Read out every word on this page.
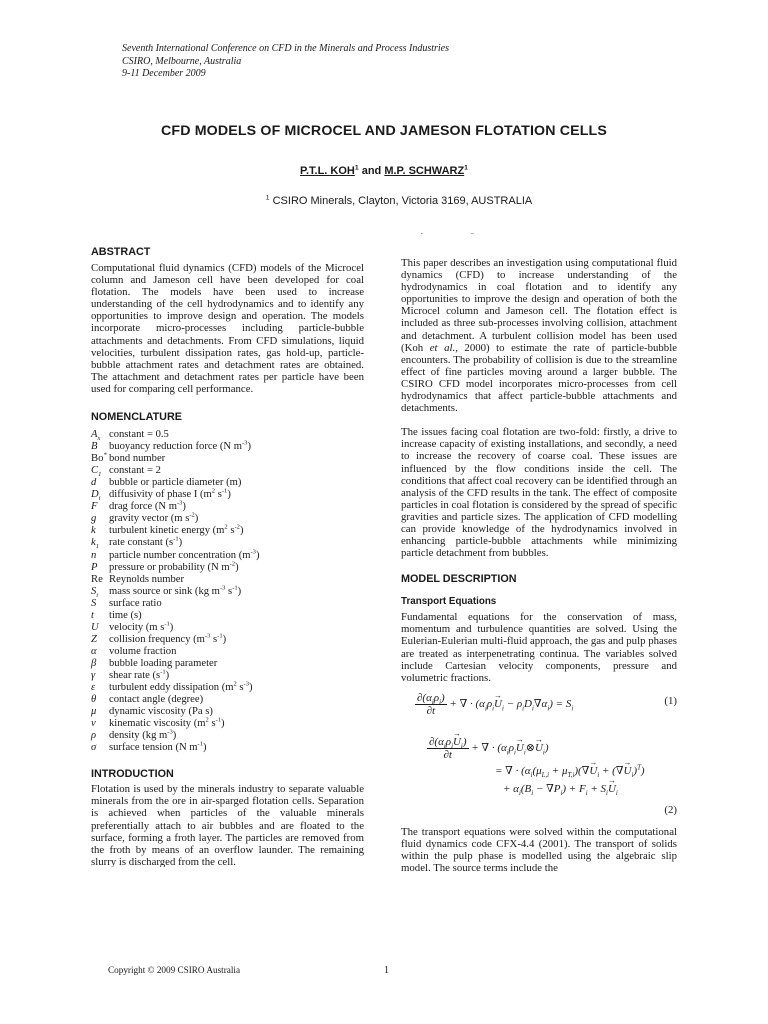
Seventh International Conference on CFD in the Minerals and Process Industries
CSIRO, Melbourne, Australia
9-11 December 2009
CFD MODELS OF MICROCEL AND JAMESON FLOTATION CELLS
P.T.L. KOH$^1$ and M.P. SCHWARZ$^1$
$^1$ CSIRO Minerals, Clayton, Victoria 3169, AUSTRALIA
ABSTRACT

Computational fluid dynamics (CFD) models of the Microcel column and Jameson cell have been developed for coal flotation. The models have been used to increase understanding of the cell hydrodynamics and to identify any opportunities to improve design and operation. The models incorporate micro-processes including particle-bubble attachments and detachments. From CFD simulations, liquid velocities, turbulent dissipation rates, gas hold-up, particle-bubble attachment rates and detachment rates are obtained. The attachment and detachment rates per particle have been used for comparing cell performance.

NOMENCLATURE
$A_x$	constant = 0.5
B	buoyancy reduction force (N $m^{-3}$)
Bo*	bond number
$C_1$	constant = 2
d	bubble or particle diameter (m)
$D_i$	diffusivity of phase I ($m^2$ $s^{-1}$)
F	drag force (N $m^{-3}$)
g	gravity vector (m $s^{-2}$)
k	turbulent kinetic energy ($m^2$ $s^{-2}$)
$k_1$	rate constant $(s^{-1})$
n	particle number concentration $(m^{-3})$
P	pressure or probability (N $m^{-2}$)
Re	Reynolds number
$S_i$	mass source or sink (kg $m^{-3}$ $s^{-1}$)
S	surface ratio
t	time (s)
U	velocity (m $s^{-1}$)
Z	collision frequency ($m^{-3}$ $s^{-1}$)
α	volume fraction
β	bubble loading parameter
γ	shear rate $(s^{-1})$
ε	turbulent eddy dissipation ($m^2$ $s^{-3}$)
θ	contact angle (degree)
μ	dynamic viscosity (Pa s)
ν	kinematic viscosity ($m^2$ $s^{-1}$)
ρ	density (kg $m^{-3}$)
σ	surface tension (N $m^{-1}$)
INTRODUCTION

Flotation is used by the minerals industry to separate valuable minerals from the ore in air-sparged flotation cells. Separation is achieved when particles of the valuable minerals preferentially attach to air bubbles and are floated to the surface, forming a froth layer. The particles are removed from the froth by means of an overflow launder. The remaining slurry is discharged from the cell.

This paper describes an investigation using computational fluid dynamics (CFD) to increase understanding of the hydrodynamics in coal flotation and to identify any opportunities to improve the design and operation of both the Microcel column and Jameson cell. The flotation effect is included as three sub-processes involving collision, attachment and detachment. A turbulent collision model has been used (Koh et al., 2000) to estimate the rate of particle-bubble encounters. The probability of collision is due to the streamline effect of fine particles moving around a larger bubble. The CSIRO CFD model incorporates micro-processes from cell hydrodynamics that affect particle-bubble attachments and detachments.

The issues facing coal flotation are two-fold: firstly, a drive to increase capacity of existing installations, and secondly, a need to increase the recovery of coarse coal. These issues are influenced by the flow conditions inside the cell. The conditions that affect coal recovery can be identified through an analysis of the CFD results in the tank. The effect of composite particles in coal flotation is considered by the spread of specific gravities and particle sizes. The application of CFD modelling can provide knowledge of the hydrodynamics involved in enhancing particle-bubble attachments while minimizing particle detachment from bubbles.

MODEL DESCRIPTION
Transport Equations

Fundamental equations for the conservation of mass, momentum and turbulence quantities are solved. Using the Eulerian-Eulerian multi-fluid approach, the gas and pulp phases are treated as interpenetrating continua. The variables solved include Cartesian velocity components, pressure and volumetric fractions.

$\frac{\partial(\alpha_i\rho_i)}{\partial t}$ + ∇ · $(\alpha_i\rho_i\to U_i - \rho_iD_i\nabla\alpha_i) = S_i$
(1)
$\frac{\partial(\alpha_i\rho_i\to U_i)}{\partial t}$ + ∇ · ($\alpha_i\rho_i\to$ $U_i\otimes\to U_i$)
= ∇ · ($\alpha_i(\mu_{L,i} + \mu_{T,i})(\nabla\to U_i$ + (∇→ $U_i)^T$)
+ $\alpha_i(B_i - \nabla P_i) + F_i + S_i\to U_i$
(2)

The transport equations were solved within the computational fluid dynamics code CFX-4.4 (2001). The transport of solids within the pulp phase is modelled using the algebraic slip model. The source terms include the

Copyright © 2009 CSIRO Australia	1
